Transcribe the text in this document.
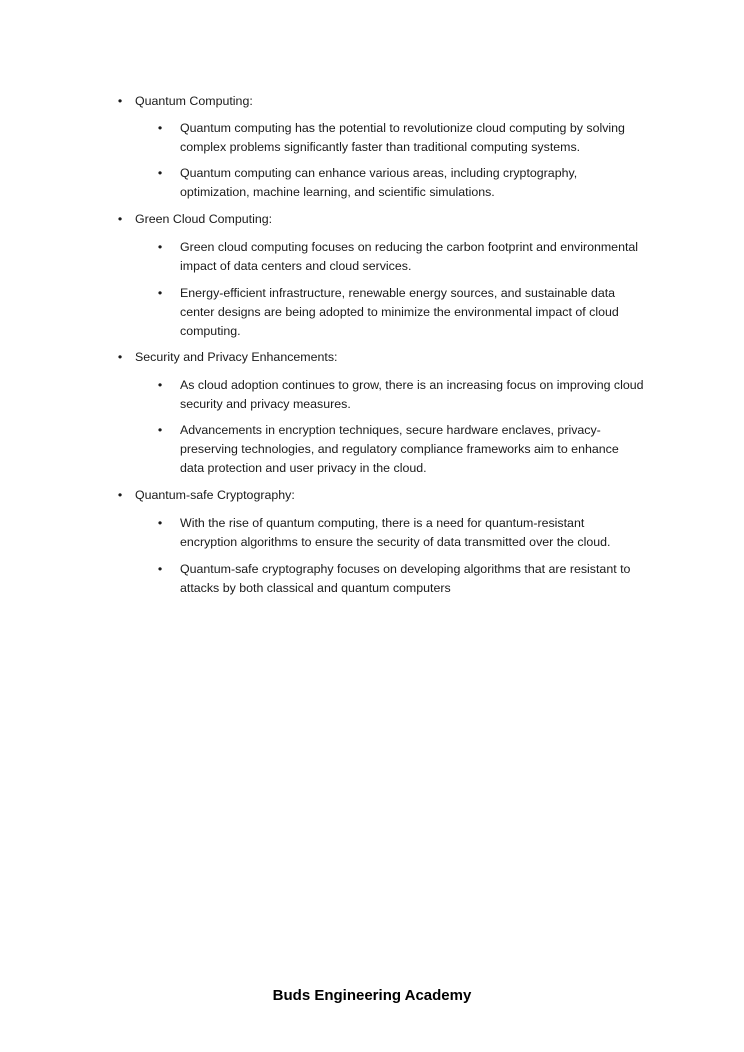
•	Quantum Computing:
•	Quantum computing has the potential to revolutionize cloud computing by solving
complex problems significantly faster than traditional computing systems.
•	Quantum computing can enhance various areas, including cryptography,
optimization, machine learning, and scientific simulations.
•	Green Cloud Computing:
•	Green cloud computing focuses on reducing the carbon footprint and environmental
impact of data centers and cloud services.
•	Energy-efficient infrastructure, renewable energy sources, and sustainable data
center designs are being adopted to minimize the environmental impact of cloud
computing.
•	Security and Privacy Enhancements:
•	As cloud adoption continues to grow, there is an increasing focus on improving cloud
security and privacy measures.
•	Advancements in encryption techniques, secure hardware enclaves, privacy-
preserving technologies, and regulatory compliance frameworks aim to enhance
data protection and user privacy in the cloud.
•	Quantum-safe Cryptography:
•	With the rise of quantum computing, there is a need for quantum-resistant
encryption algorithms to ensure the security of data transmitted over the cloud.
•	Quantum-safe cryptography focuses on developing algorithms that are resistant to
attacks by both classical and quantum computers
Buds Engineering Academy
